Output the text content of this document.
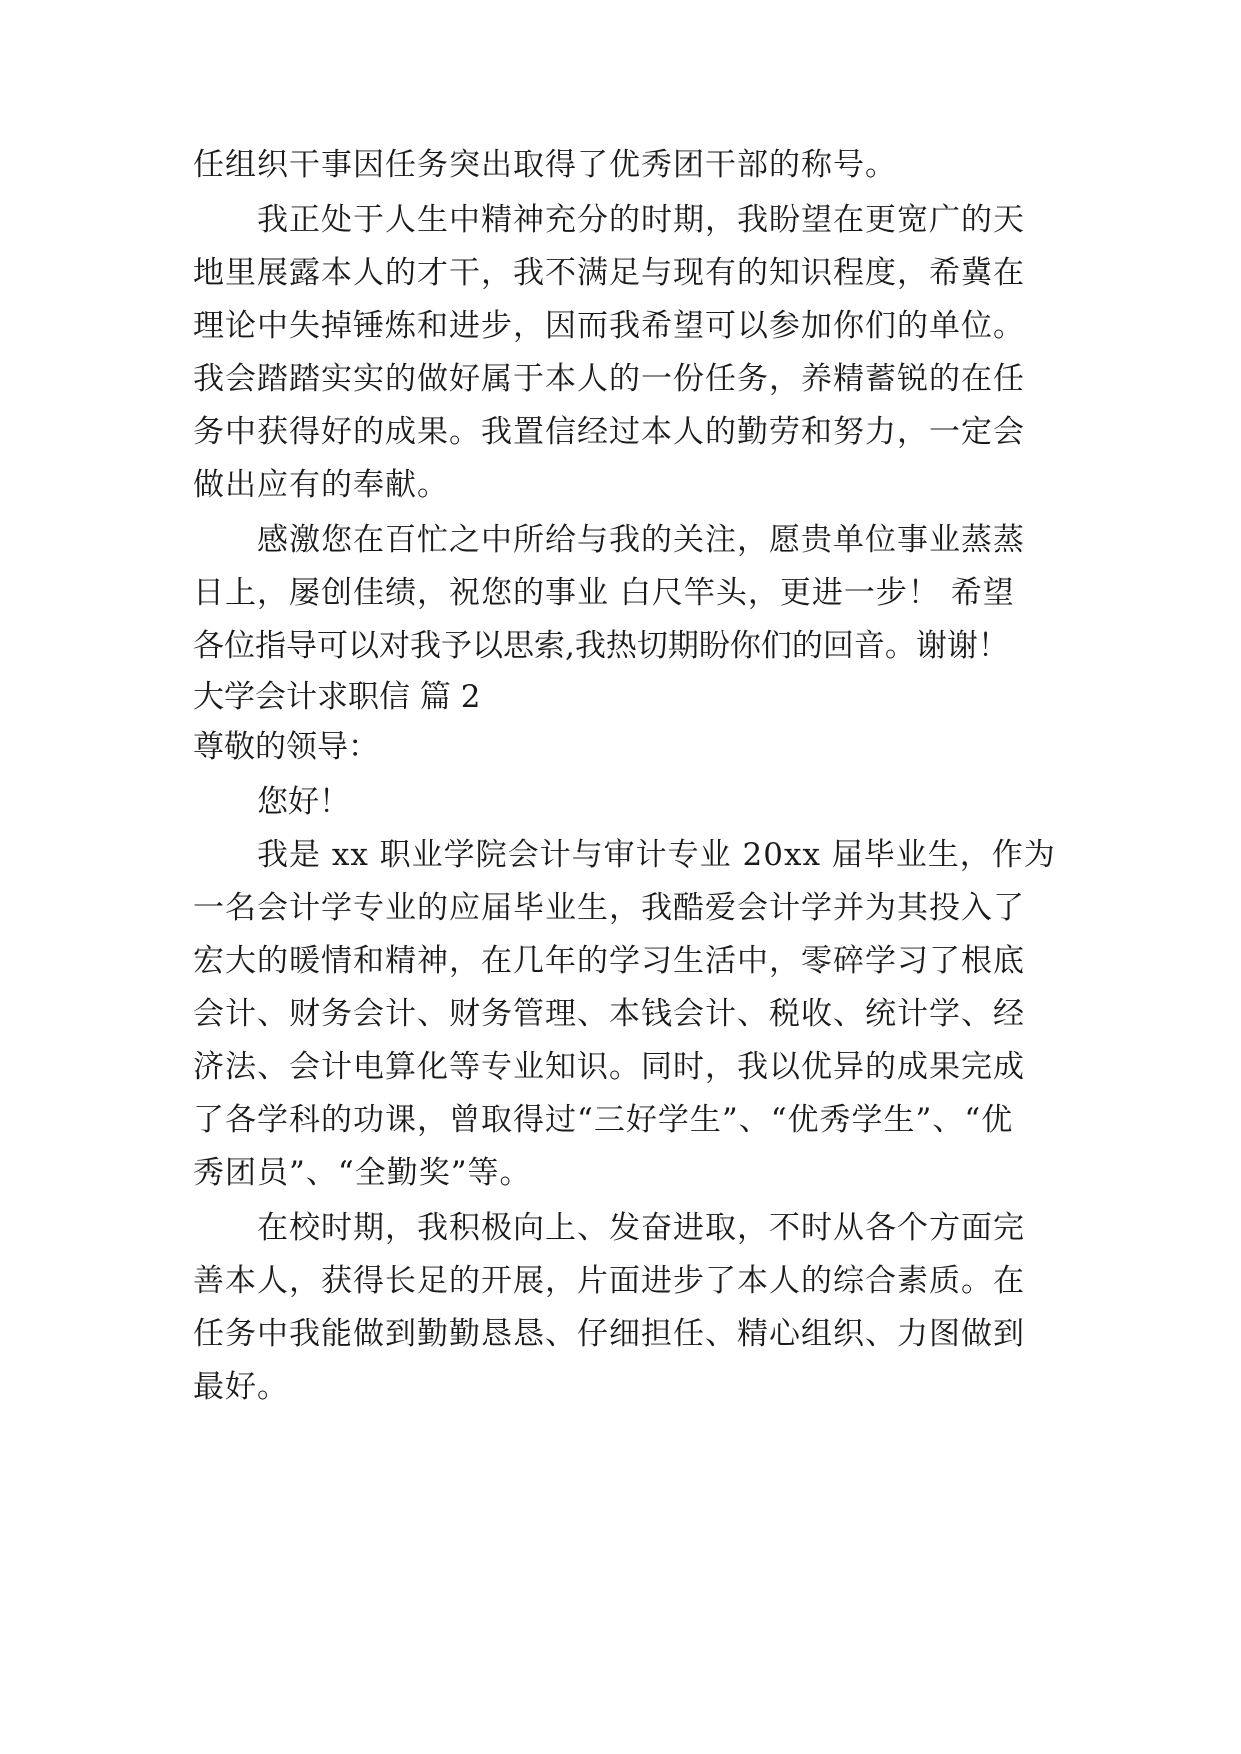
任组织干事因任务突出取得了优秀团干部的称号。
我正处于人生中精神充分的时期，我盼望在更宽广的天
地里展露本人的才干，我不满足与现有的知识程度，希冀在
理论中失掉锤炼和进步，因而我希望可以参加你们的单位。
我会踏踏实实的做好属于本人的一份任务，养精蓄锐的在任
务中获得好的成果。我置信经过本人的勤劳和努力，一定会
做出应有的奉献。
感激您在百忙之中所给与我的关注，愿贵单位事业蒸蒸
日上，屡创佳绩，祝您的事业 白尺竿头，更进一步！ 希望
各位指导可以对我予以思索,我热切期盼你们的回音。谢谢！
大学会计求职信 篇 2
尊敬的领导：
您好！
我是 xx 职业学院会计与审计专业 20xx 届毕业生，作为
一名会计学专业的应届毕业生，我酷爱会计学并为其投入了
宏大的暖情和精神，在几年的学习生活中，零碎学习了根底
会计、财务会计、财务管理、本钱会计、税收、统计学、经
济法、会计电算化等专业知识。同时，我以优异的成果完成
了各学科的功课，曾取得过“三好学生”、“优秀学生”、“优
秀团员”、“全勤奖”等。
在校时期，我积极向上、发奋进取，不时从各个方面完
善本人，获得长足的开展，片面进步了本人的综合素质。在
任务中我能做到勤勤恳恳、仔细担任、精心组织、力图做到
最好。
